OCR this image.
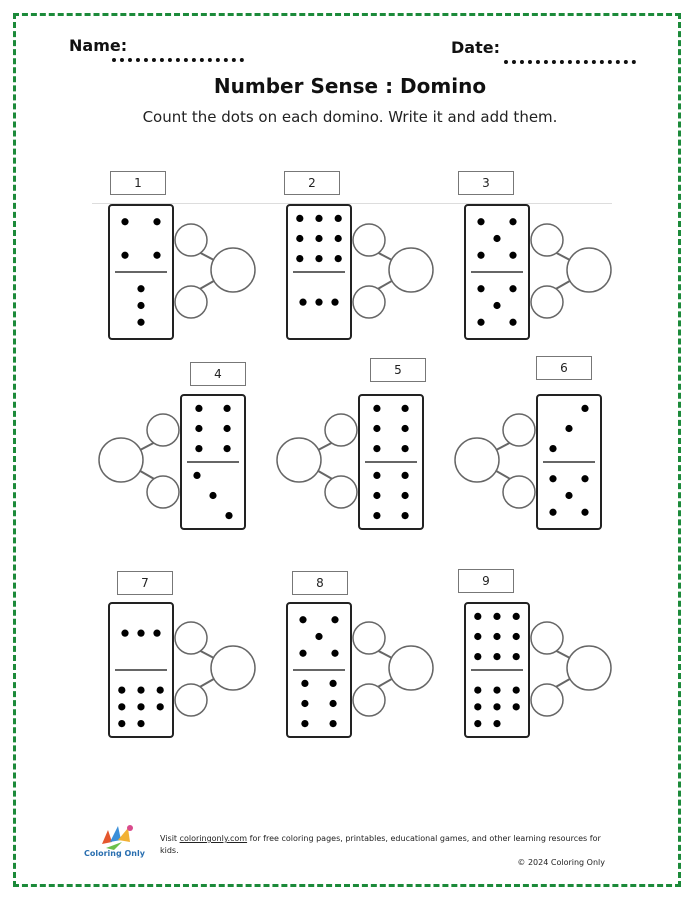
Name:	Date:
Number Sense : Domino
Count the dots on each domino. Write it and add them.
1	2	3
4	5	6
7	8	9
Coloring Only
Visit coloringonly.com for free coloring pages, printables, educational games, and other learning resources for kids.
© 2024 Coloring Only
